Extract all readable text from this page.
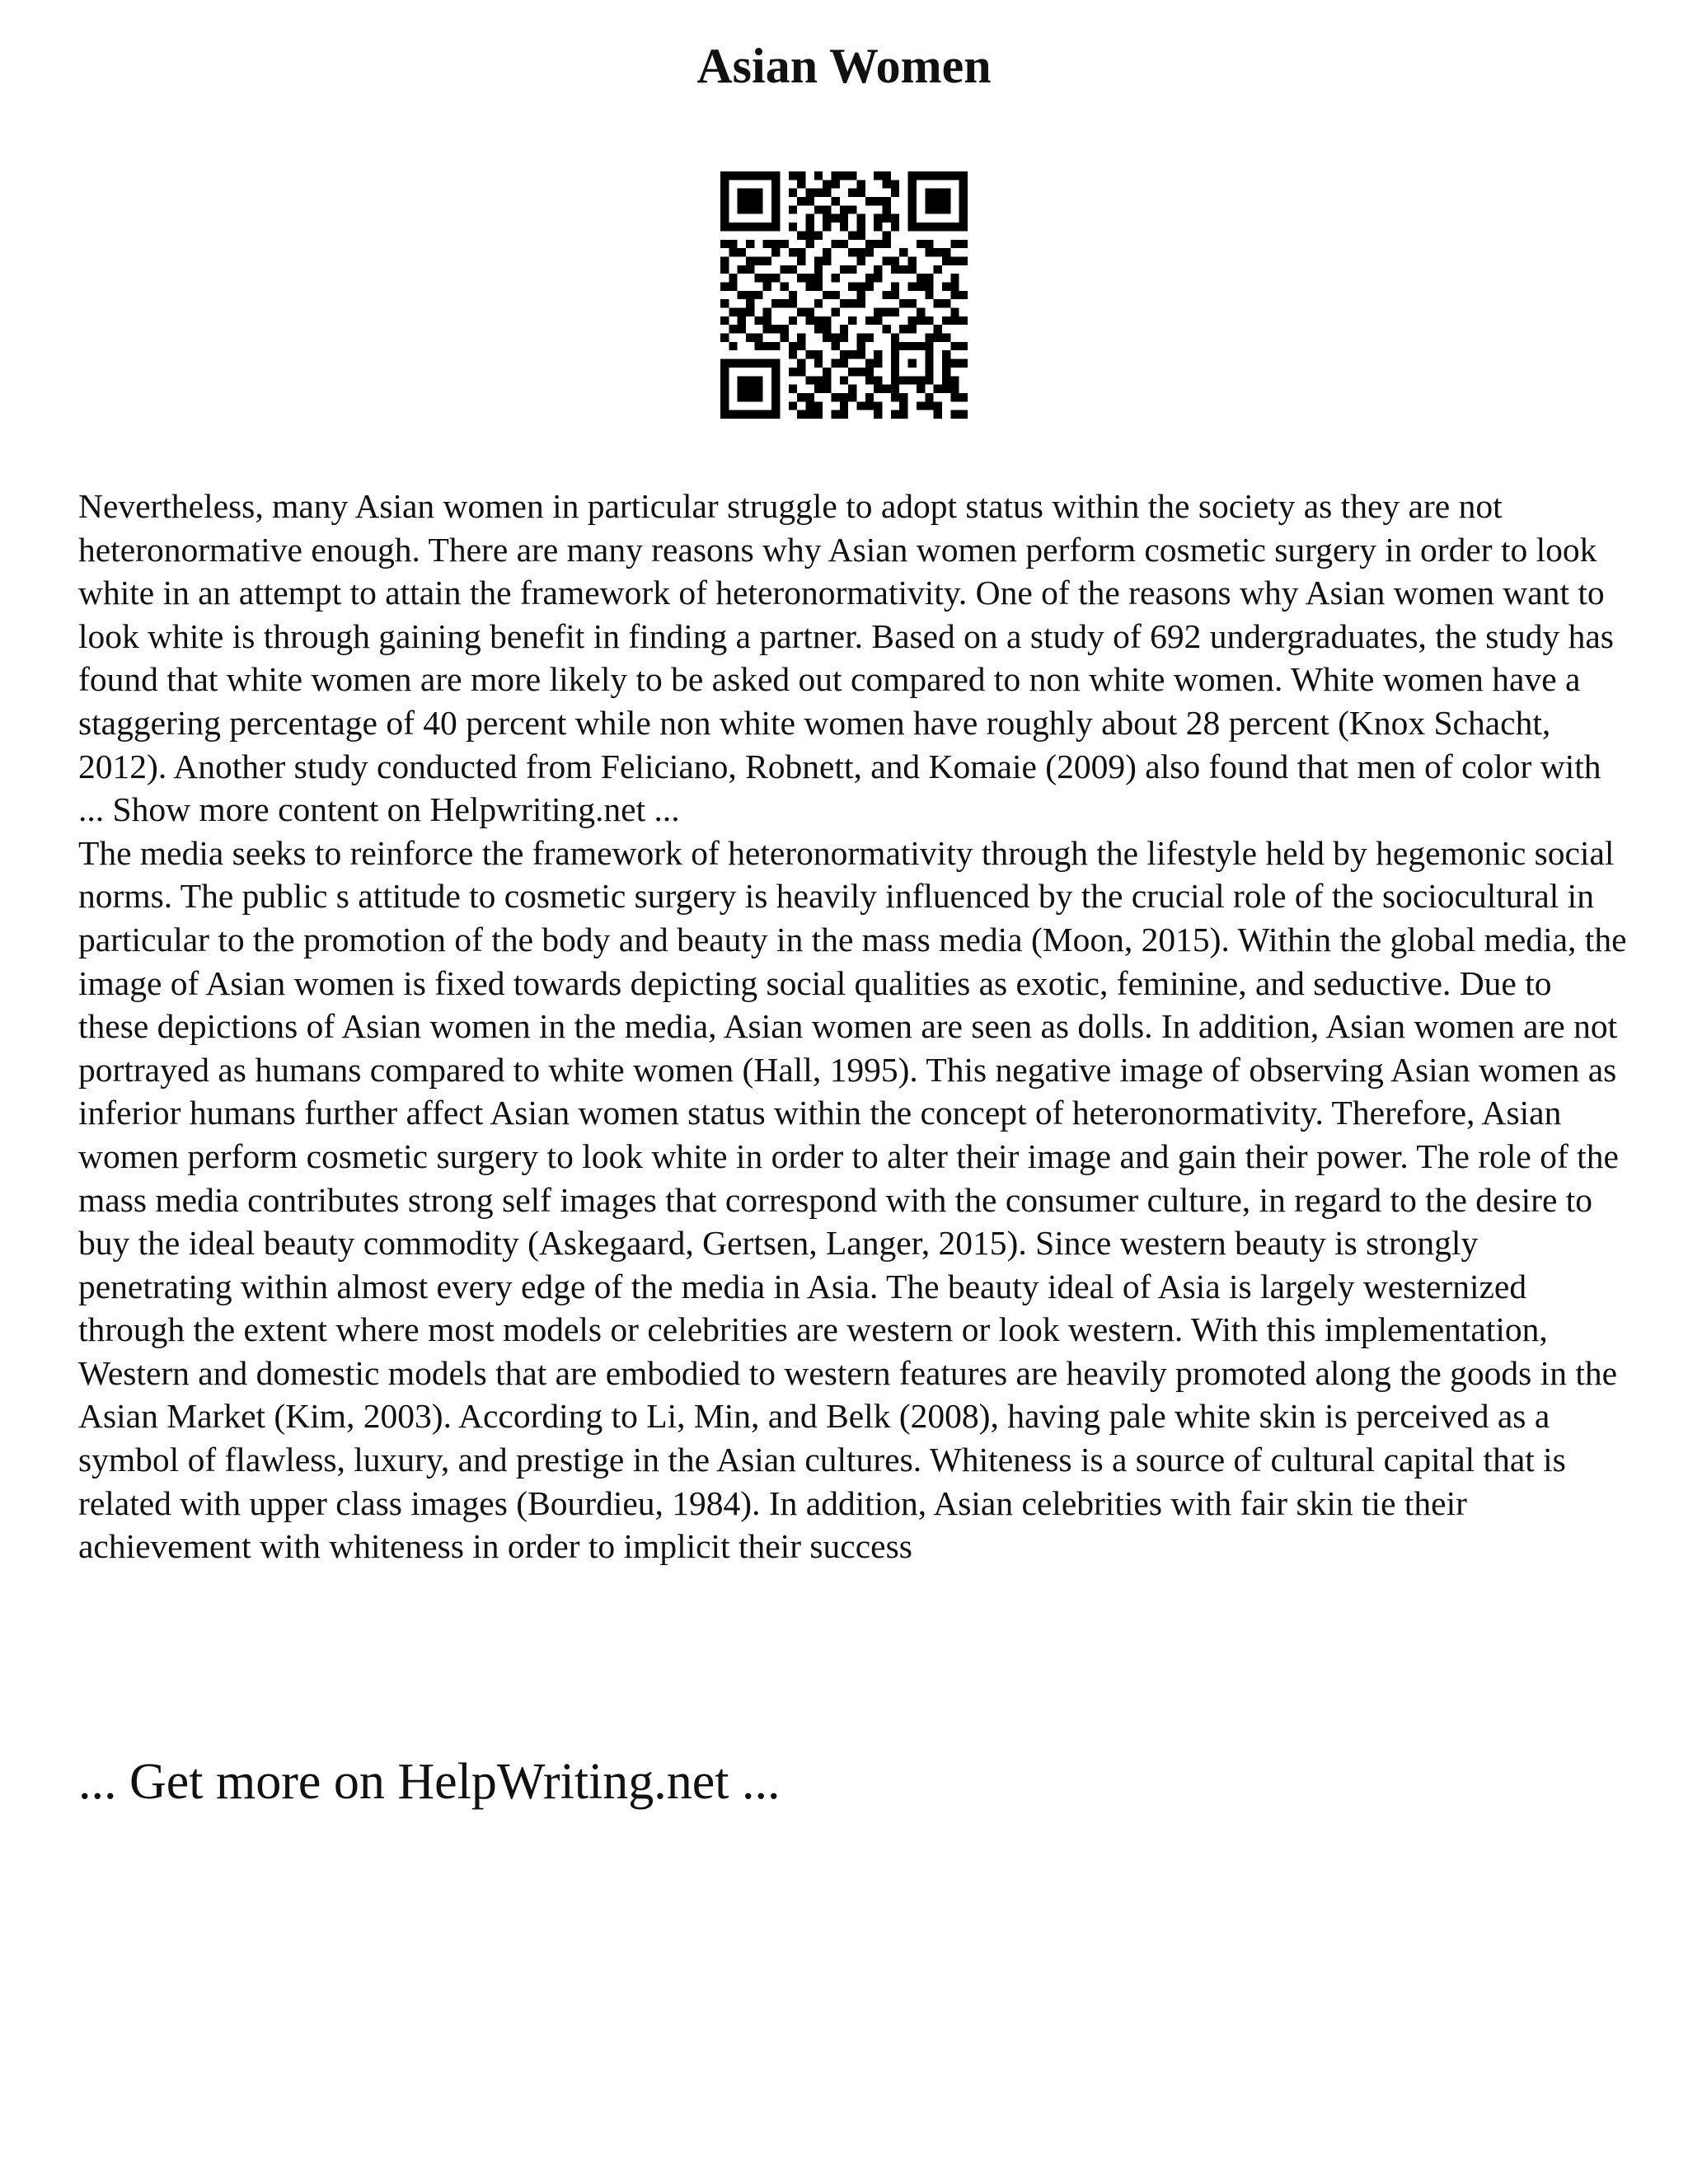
Asian Women

Nevertheless, many Asian women in particular struggle to adopt status within the society as they are not heteronormative enough. There are many reasons why Asian women perform cosmetic surgery in order to look white in an attempt to attain the framework of heteronormativity. One of the reasons why Asian women want to look white is through gaining benefit in finding a partner. Based on a study of 692 undergraduates, the study has found that white women are more likely to be asked out compared to non white women. White women have a staggering percentage of 40 percent while non white women have roughly about 28 percent (Knox Schacht, 2012). Another study conducted from Feliciano, Robnett, and Komaie (2009) also found that men of color with ... Show more content on Helpwriting.net ...

The media seeks to reinforce the framework of heteronormativity through the lifestyle held by hegemonic social norms. The public s attitude to cosmetic surgery is heavily influenced by the crucial role of the sociocultural in particular to the promotion of the body and beauty in the mass media (Moon, 2015). Within the global media, the image of Asian women is fixed towards depicting social qualities as exotic, feminine, and seductive. Due to these depictions of Asian women in the media, Asian women are seen as dolls. In addition, Asian women are not portrayed as humans compared to white women (Hall, 1995). This negative image of observing Asian women as inferior humans further affect Asian women status within the concept of heteronormativity. Therefore, Asian women perform cosmetic surgery to look white in order to alter their image and gain their power. The role of the mass media contributes strong self images that correspond with the consumer culture, in regard to the desire to buy the ideal beauty commodity (Askegaard, Gertsen, Langer, 2015). Since western beauty is strongly penetrating within almost every edge of the media in Asia. The beauty ideal of Asia is largely westernized through the extent where most models or celebrities are western or look western. With this implementation, Western and domestic models that are embodied to western features are heavily promoted along the goods in the Asian Market (Kim, 2003). According to Li, Min, and Belk (2008), having pale white skin is perceived as a symbol of flawless, luxury, and prestige in the Asian cultures. Whiteness is a source of cultural capital that is related with upper class images (Bourdieu, 1984). In addition, Asian celebrities with fair skin tie their achievement with whiteness in order to implicit their success

... Get more on HelpWriting.net ...
